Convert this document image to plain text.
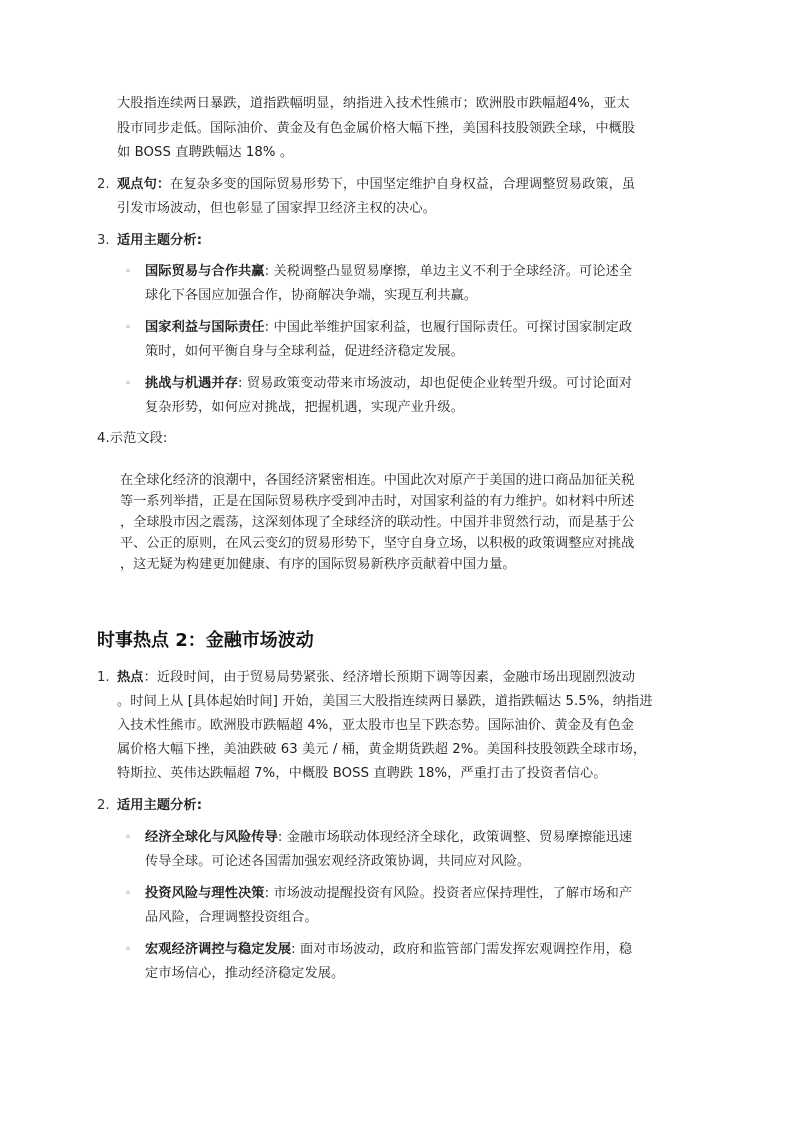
大股指连续两日暴跌，道指跌幅明显，纳指进入技术性熊市；欧洲股市跌幅超4%，亚太
股市同步走低。国际油价、黄金及有色金属价格大幅下挫，美国科技股领跌全球，中概股
如 BOSS 直聘跌幅达 18% 。
2. 观点句：在复杂多变的国际贸易形势下，中国坚定维护自身权益，合理调整贸易政策，虽
引发市场波动，但也彰显了国家捍卫经济主权的决心。
3. 适用主题分析:
◦ 国际贸易与合作共赢: 关税调整凸显贸易摩擦，单边主义不利于全球经济。可论述全
球化下各国应加强合作，协商解决争端，实现互利共赢。
◦ 国家利益与国际责任: 中国此举维护国家利益，也履行国际责任。可探讨国家制定政
策时，如何平衡自身与全球利益，促进经济稳定发展。
◦ 挑战与机遇并存: 贸易政策变动带来市场波动，却也促使企业转型升级。可讨论面对
复杂形势，如何应对挑战，把握机遇，实现产业升级。
4.示范文段:
在全球化经济的浪潮中，各国经济紧密相连。中国此次对原产于美国的进口商品加征关税
等一系列举措，正是在国际贸易秩序受到冲击时，对国家利益的有力维护。如材料中所述
，全球股市因之震荡，这深刻体现了全球经济的联动性。中国并非贸然行动，而是基于公
平、公正的原则，在风云变幻的贸易形势下，坚守自身立场，以积极的政策调整应对挑战
，这无疑为构建更加健康、有序的国际贸易新秩序贡献着中国力量。
时事热点 2：金融市场波动
1. 热点：近段时间，由于贸易局势紧张、经济增长预期下调等因素，金融市场出现剧烈波动
。时间上从 [具体起始时间] 开始，美国三大股指连续两日暴跌，道指跌幅达 5.5%，纳指进
入技术性熊市。欧洲股市跌幅超 4%，亚太股市也呈下跌态势。国际油价、黄金及有色金
属价格大幅下挫，美油跌破 63 美元 / 桶，黄金期货跌超 2%。美国科技股领跌全球市场，
特斯拉、英伟达跌幅超 7%，中概股 BOSS 直聘跌 18%，严重打击了投资者信心。
2. 适用主题分析:
◦ 经济全球化与风险传导: 金融市场联动体现经济全球化，政策调整、贸易摩擦能迅速
传导全球。可论述各国需加强宏观经济政策协调，共同应对风险。
◦ 投资风险与理性决策: 市场波动提醒投资有风险。投资者应保持理性，了解市场和产
品风险，合理调整投资组合。
◦ 宏观经济调控与稳定发展: 面对市场波动，政府和监管部门需发挥宏观调控作用，稳
定市场信心，推动经济稳定发展。
